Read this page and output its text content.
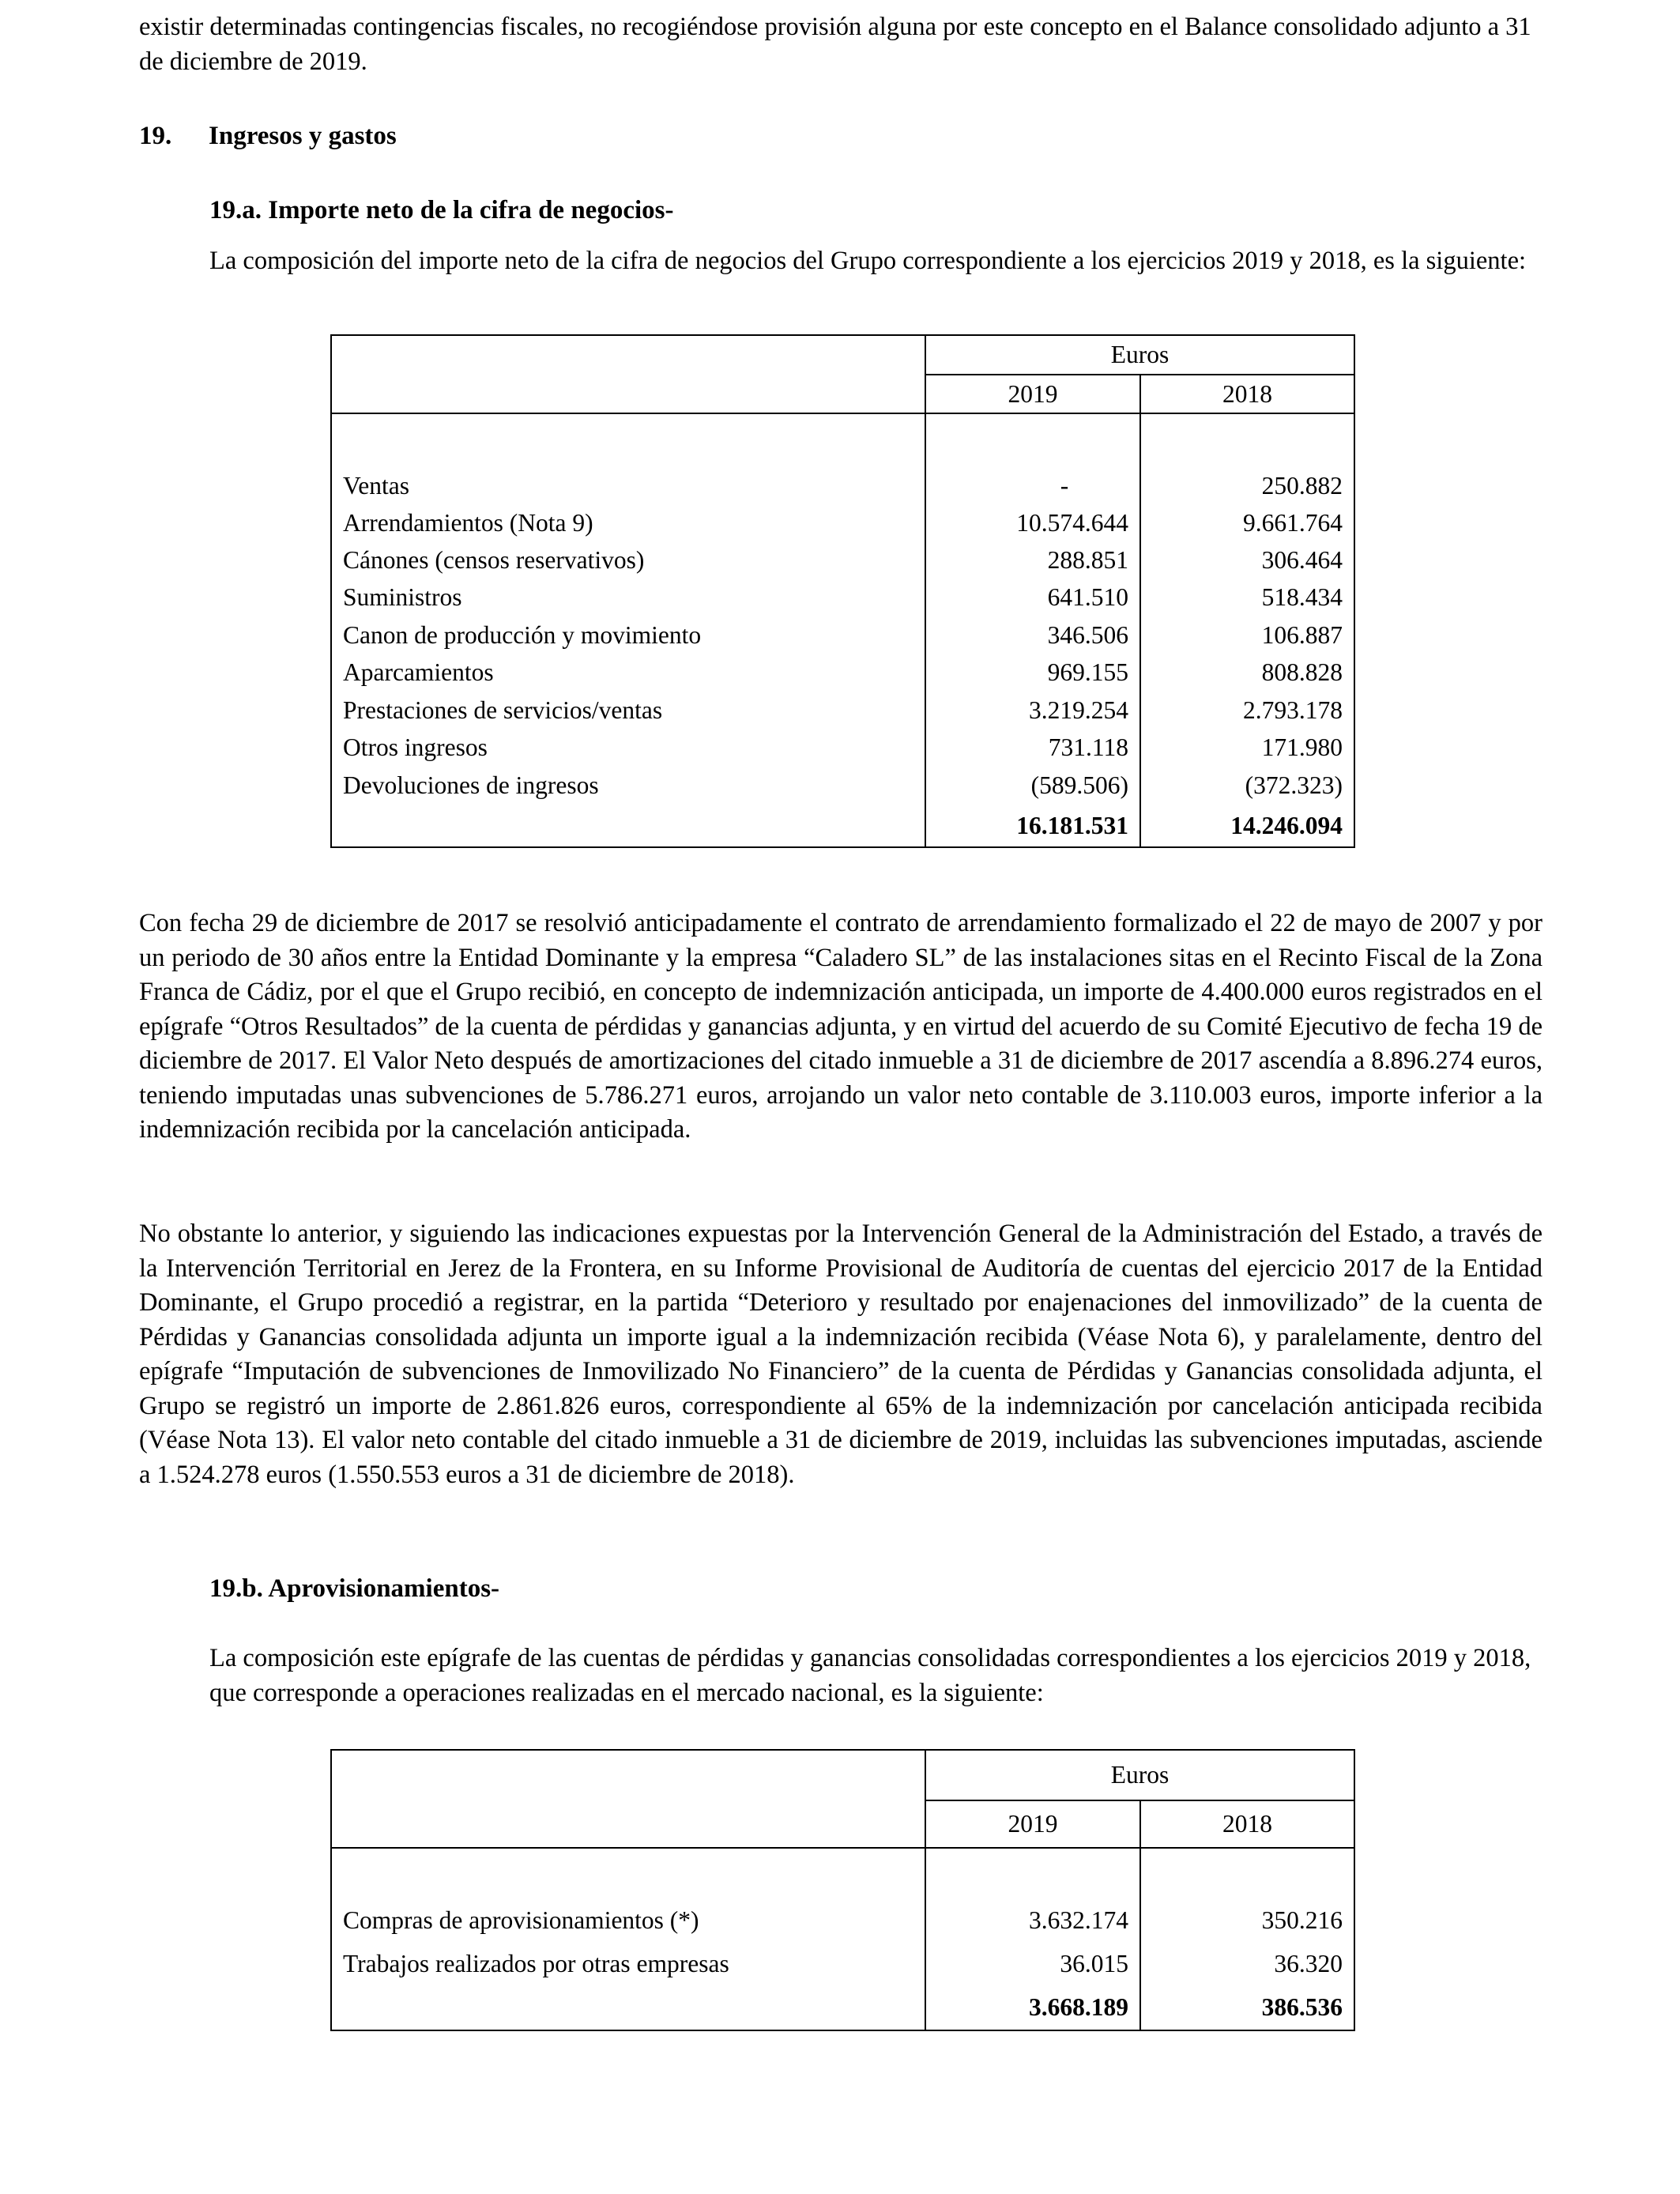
existir determinadas contingencias fiscales, no recogiéndose provisión alguna por este concepto en el Balance consolidado adjunto a 31 de diciembre de 2019.

19. Ingresos y gastos
19.a. Importe neto de la cifra de negocios-

La composición del importe neto de la cifra de negocios del Grupo correspondiente a los ejercicios 2019 y 2018, es la siguiente:

	Euros	
	2019	2018

Ventas	-	250.882
Arrendamientos (Nota 9)	10.574.644	9.661.764
Cánones (censos reservativos)	288.851	306.464
Suministros	641.510	518.434
Canon de producción y movimiento	346.506	106.887
Aparcamientos	969.155	808.828
Prestaciones de servicios/ventas	3.219.254	2.793.178
Otros ingresos	731.118	171.980
Devoluciones de ingresos	(589.506)	(372.323)
	16.181.531	14.246.094

Con fecha 29 de diciembre de 2017 se resolvió anticipadamente el contrato de arrendamiento formalizado el 22 de mayo de 2007 y por un periodo de 30 años entre la Entidad Dominante y la empresa “Caladero SL” de las instalaciones sitas en el Recinto Fiscal de la Zona Franca de Cádiz, por el que el Grupo recibió, en concepto de indemnización anticipada, un importe de 4.400.000 euros registrados en el epígrafe “Otros Resultados” de la cuenta de pérdidas y ganancias adjunta, y en virtud del acuerdo de su Comité Ejecutivo de fecha 19 de diciembre de 2017. El Valor Neto después de amortizaciones del citado inmueble a 31 de diciembre de 2017 ascendía a 8.896.274 euros, teniendo imputadas unas subvenciones de 5.786.271 euros, arrojando un valor neto contable de 3.110.003 euros, importe inferior a la indemnización recibida por la cancelación anticipada.

No obstante lo anterior, y siguiendo las indicaciones expuestas por la Intervención General de la Administración del Estado, a través de la Intervención Territorial en Jerez de la Frontera, en su Informe Provisional de Auditoría de cuentas del ejercicio 2017 de la Entidad Dominante, el Grupo procedió a registrar, en la partida “Deterioro y resultado por enajenaciones del inmovilizado” de la cuenta de Pérdidas y Ganancias consolidada adjunta un importe igual a la indemnización recibida (Véase Nota 6), y paralelamente, dentro del epígrafe “Imputación de subvenciones de Inmovilizado No Financiero” de la cuenta de Pérdidas y Ganancias consolidada adjunta, el Grupo se registró un importe de 2.861.826 euros, correspondiente al 65% de la indemnización por cancelación anticipada recibida (Véase Nota 13). El valor neto contable del citado inmueble a 31 de diciembre de 2019, incluidas las subvenciones imputadas, asciende a 1.524.278 euros (1.550.553 euros a 31 de diciembre de 2018).

19.b. Aprovisionamientos-

La composición este epígrafe de las cuentas de pérdidas y ganancias consolidadas correspondientes a los ejercicios 2019 y 2018, que corresponde a operaciones realizadas en el mercado nacional, es la siguiente:

	Euros	
	2019	2018

Compras de aprovisionamientos (*)	3.632.174	350.216
Trabajos realizados por otras empresas	36.015	36.320
	3.668.189	386.536
